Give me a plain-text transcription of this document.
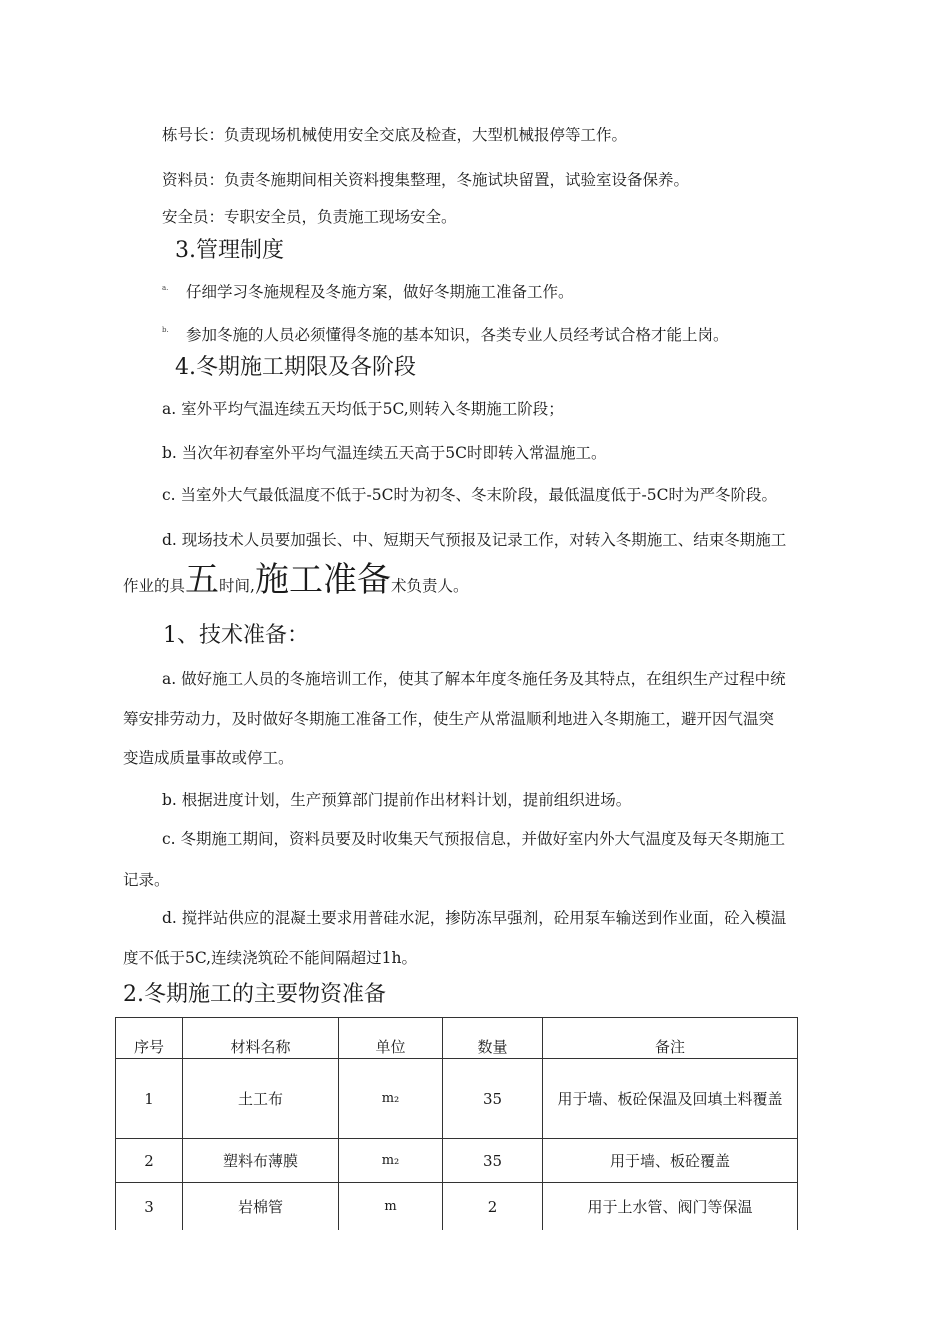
栋号长：负责现场机械使用安全交底及检查，大型机械报停等工作。
资料员：负责冬施期间相关资料搜集整理，冬施试块留置，试验室设备保养。
安全员：专职安全员，负责施工现场安全。
3.管理制度
a. 仔细学习冬施规程及冬施方案，做好冬期施工准备工作。
b. 参加冬施的人员必须懂得冬施的基本知识，各类专业人员经考试合格才能上岗。
4.冬期施工期限及各阶段
a. 室外平均气温连续五天均低于5C,则转入冬期施工阶段；
b. 当次年初春室外平均气温连续五天高于5C时即转入常温施工。
c. 当室外大气最低温度不低于-5C时为初冬、冬末阶段，最低温度低于-5C时为严冬阶段。
d. 现场技术人员要加强长、中、短期天气预报及记录工作，对转入冬期施工、结束冬期施工
作业的具五时间,施工准备术负责人。
1、技术准备：
a. 做好施工人员的冬施培训工作，使其了解本年度冬施任务及其特点，在组织生产过程中统
筹安排劳动力，及时做好冬期施工准备工作，使生产从常温顺利地进入冬期施工，避开因气温突
变造成质量事故或停工。
b. 根据进度计划，生产预算部门提前作出材料计划，提前组织进场。
c. 冬期施工期间，资料员要及时收集天气预报信息，并做好室内外大气温度及每天冬期施工
记录。
d. 搅拌站供应的混凝土要求用普硅水泥，掺防冻早强剂，砼用泵车输送到作业面，砼入模温
度不低于5C,连续浇筑砼不能间隔超过1h。
2.冬期施工的主要物资准备
序号	材料名称	单位	数量	备注
1	土工布	m₂	35	用于墙、板砼保温及回填土料覆盖
2	塑料布薄膜	m₂	35	用于墙、板砼覆盖
3	岩棉管	m	2	用于上水管、阀门等保温
